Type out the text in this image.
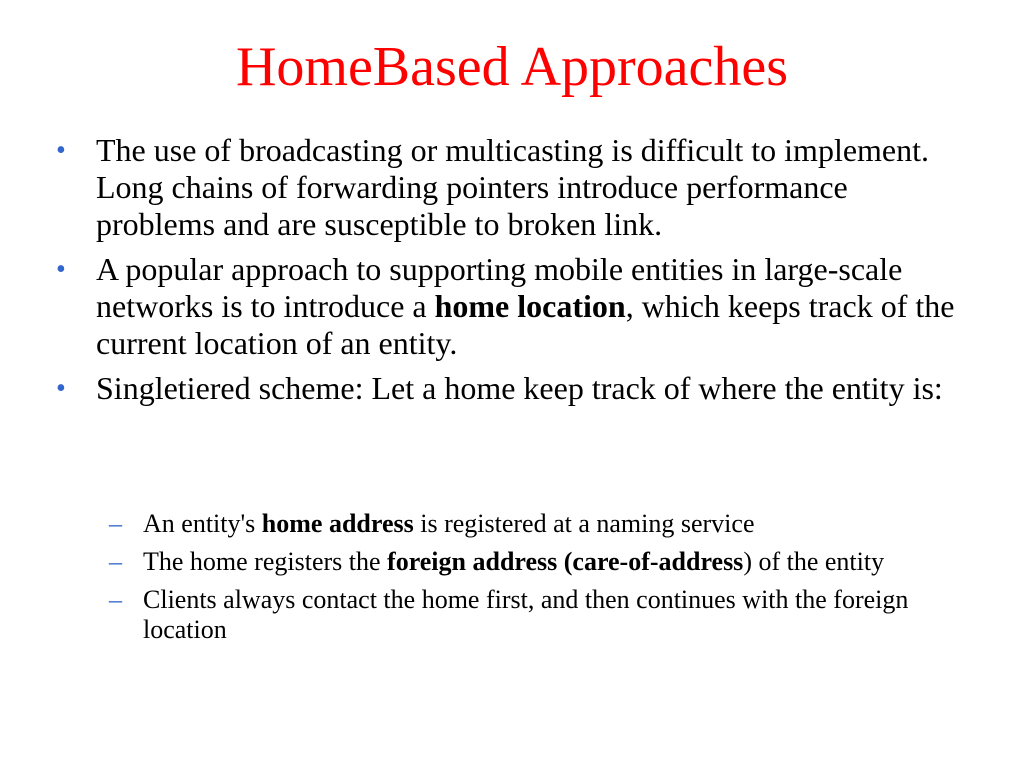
HomeBased Approaches
• The use of broadcasting or multicasting is difficult to implement. Long chains of forwarding pointers introduce performance problems and are susceptible to broken link.
• A popular approach to supporting mobile entities in large-scale networks is to introduce a home location, which keeps track of the current location of an entity.
• Singletiered scheme: Let a home keep track of where the entity is:
– An entity's home address is registered at a naming service
– The home registers the foreign address (care-of-address) of the entity
– Clients always contact the home first, and then continues with the foreign location
